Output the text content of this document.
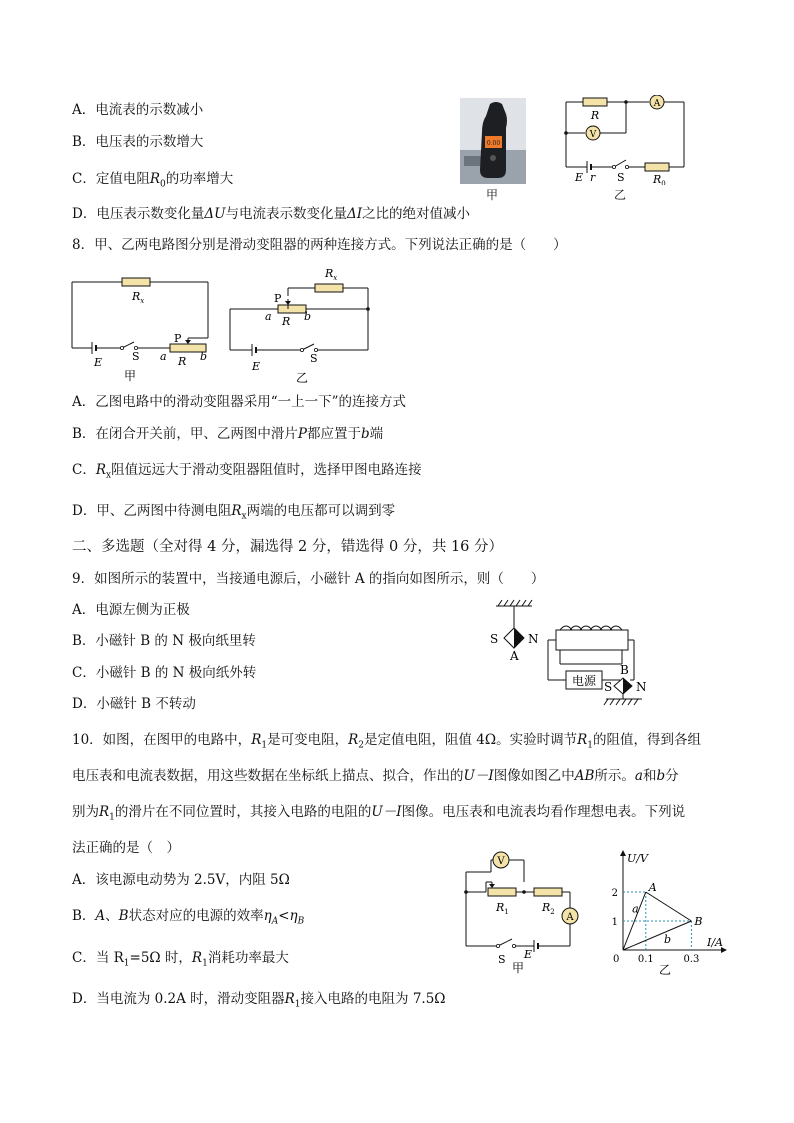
A．电流表的示数减小
B．电压表的示数增大
C．定值电阻$R_0$的功率增大
D．电压表示数变化量ΔU与电流表示数变化量ΔI之比的绝对值减小
0.00
甲
R
A
V
E r S	$R_0$
乙
8．甲、乙两电路图分别是滑动变阻器的两种连接方式。下列说法正确的是（　　）
$R_x$
P
a R b
E	S
甲
$R_x$
P
a R b
E
S
乙
A．乙图电路中的滑动变阻器采用“一上一下”的连接方式
B．在闭合开关前，甲、乙两图中滑片P都应置于b端
C．$R_x$阻值远远大于滑动变阻器阻值时，选择甲图电路连接
D．甲、乙两图中待测电阻$R_x$两端的电压都可以调到零
二、多选题（全对得 4 分，漏选得 2 分，错选得 0 分，共 16 分）
9．如图所示的装置中，当接通电源后，小磁针 A 的指向如图所示，则（　　）
A．电源左侧为正极
B．小磁针 B 的 N 极向纸里转
C．小磁针 B 的 N 极向纸外转
D．小磁针 B 不转动
S N
A
B
S N
电源
10．如图，在图甲的电路中，$R_1$是可变电阻，$R_2$是定值电阻，阻值 4Ω。实验时调节$R_1$的阻值，得到各组
电压表和电流表数据，用这些数据在坐标纸上描点、拟合，作出的U－I图像如图乙中AB所示。a和b分
别为$R_1$的滑片在不同位置时，其接入电路的电阻的U－I图像。电压表和电流表均看作理想电表。下列说
法正确的是（　）
A．该电源电动势为 2.5V，内阻 5Ω
B．A、B状态对应的电源的效率$\eta_A<\eta_B$
C．当 $R_1=5\Omega$ 时，$R_1$消耗功率最大
D．当电流为 0.2A 时，滑动变阻器$R_1$接入电路的电阻为 7.5Ω
V
A
$R_1$	$R_2$
S E
甲
U/V
I/A
0
a
b
A
B
0.1	0.3
1
2
乙
